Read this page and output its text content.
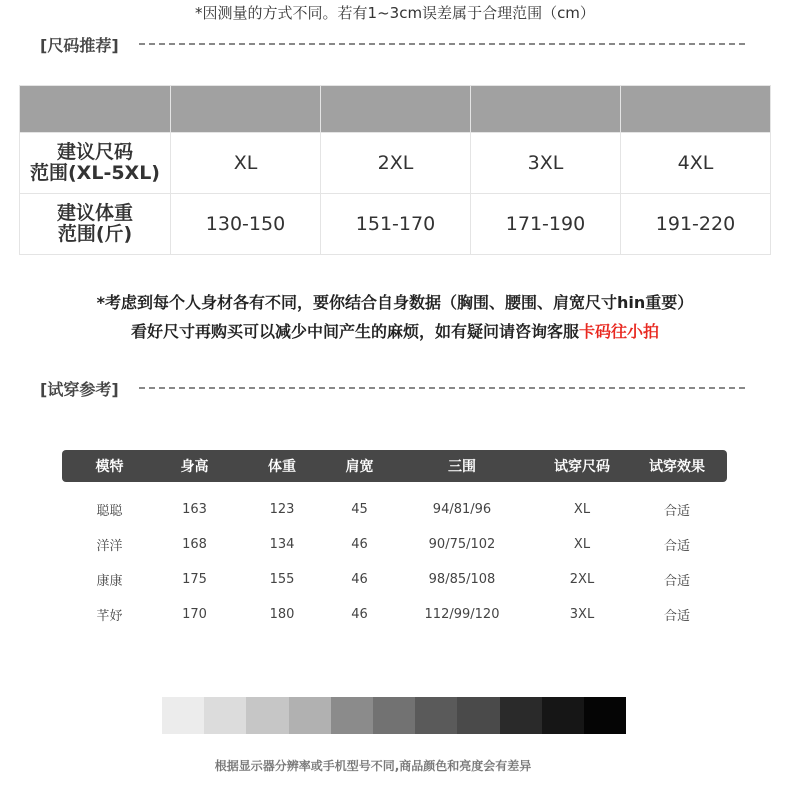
*因测量的方式不同。若有1~3cm误差属于合理范围（cm）
[尺码推荐]

建议尺码
范围(XL-5XL)	XL	2XL	3XL	4XL
建议体重
范围(斤)	130-150	151-170	171-190	191-220
*考虑到每个人身材各有不同，要你结合自身数据（胸围、腰围、肩宽尺寸hin重要）
看好尺寸再购买可以减少中间产生的麻烦，如有疑问请咨询客服卡码往小拍
[试穿参考]
模特	身高	体重	肩宽	三围	试穿尺码	试穿效果
聪聪	163	123	45	94/81/96	XL	合适
洋洋	168	134	46	90/75/102	XL	合适
康康	175	155	46	98/85/108	2XL	合适
芊妤	170	180	46	112/99/120	3XL	合适
根据显示器分辨率或手机型号不同,商品颜色和亮度会有差异
